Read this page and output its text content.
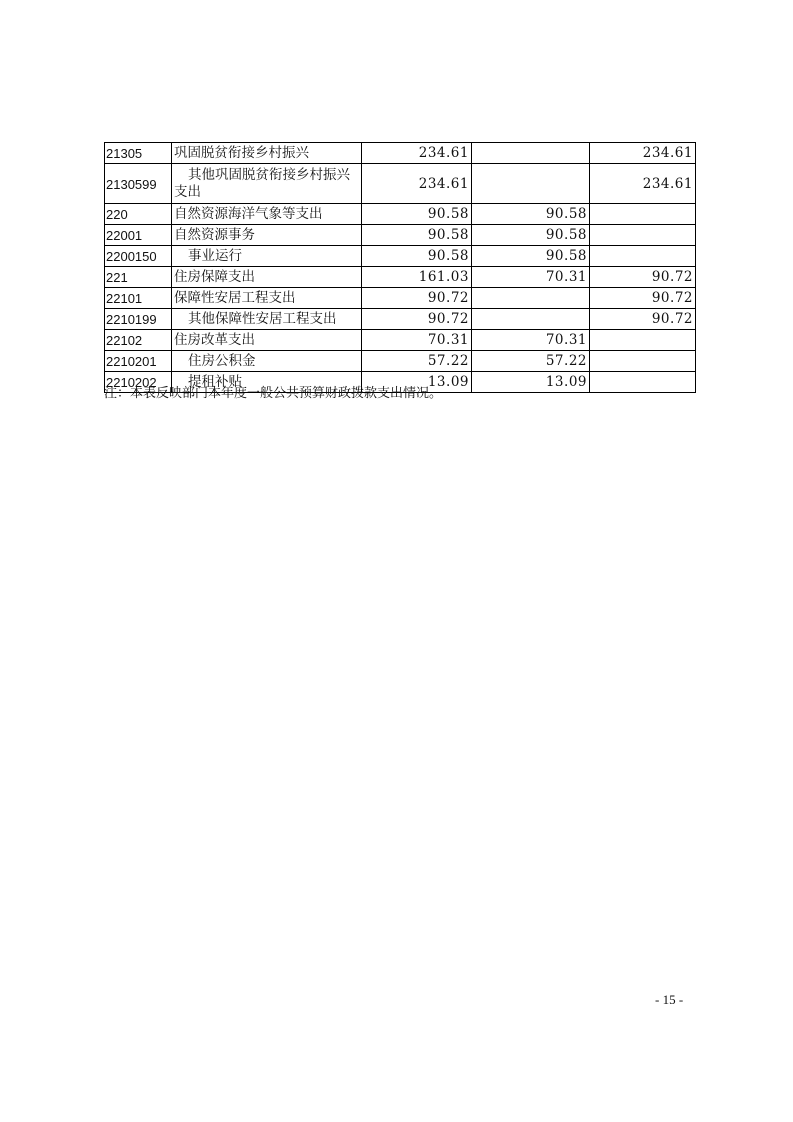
21305	巩固脱贫衔接乡村振兴	234.61		234.61
2130599	其他巩固脱贫衔接乡村振兴支出	234.61		234.61
220	自然资源海洋气象等支出	90.58	90.58	
22001	自然资源事务	90.58	90.58	
2200150	事业运行	90.58	90.58	
221	住房保障支出	161.03	70.31	90.72
22101	保障性安居工程支出	90.72		90.72
2210199	其他保障性安居工程支出	90.72		90.72
22102	住房改革支出	70.31	70.31	
2210201	住房公积金	57.22	57.22	
2210202	提租补贴	13.09	13.09	
注：本表反映部门本年度一般公共预算财政拨款支出情况。
- 15 -
